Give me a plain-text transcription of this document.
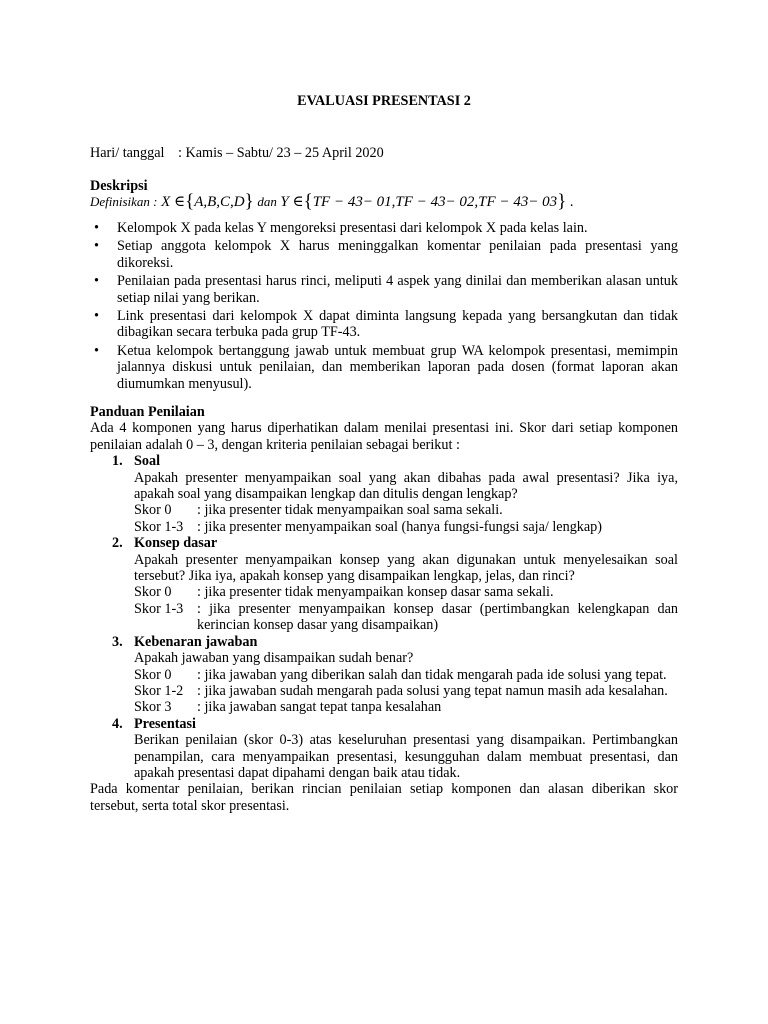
EVALUASI PRESENTASI 2
Hari/ tanggal : Kamis – Sabtu/ 23 – 25 April 2020
Deskripsi
Definisikan : X ∈{A,B,C,D} dan Y ∈{TF − 43− 01,TF − 43− 02,TF − 43− 03} .
• Kelompok X pada kelas Y mengoreksi presentasi dari kelompok X pada kelas lain.
• Setiap anggota kelompok X harus meninggalkan komentar penilaian pada presentasi yang dikoreksi.
• Penilaian pada presentasi harus rinci, meliputi 4 aspek yang dinilai dan memberikan alasan untuk setiap nilai yang berikan.
• Link presentasi dari kelompok X dapat diminta langsung kepada yang bersangkutan dan tidak dibagikan secara terbuka pada grup TF-43.
• Ketua kelompok bertanggung jawab untuk membuat grup WA kelompok presentasi, memimpin jalannya diskusi untuk penilaian, dan memberikan laporan pada dosen (format laporan akan diumumkan menyusul).
Panduan Penilaian
Ada 4 komponen yang harus diperhatikan dalam menilai presentasi ini. Skor dari setiap komponen penilaian adalah 0 – 3, dengan kriteria penilaian sebagai berikut :
1. Soal
Apakah presenter menyampaikan soal yang akan dibahas pada awal presentasi? Jika iya, apakah soal yang disampaikan lengkap dan ditulis dengan lengkap?
Skor 0	: jika presenter tidak menyampaikan soal sama sekali.
Skor 1-3 : jika presenter menyampaikan soal (hanya fungsi-fungsi saja/ lengkap)
2. Konsep dasar
Apakah presenter menyampaikan konsep yang akan digunakan untuk menyelesaikan soal tersebut? Jika iya, apakah konsep yang disampaikan lengkap, jelas, dan rinci?
Skor 0	: jika presenter tidak menyampaikan konsep dasar sama sekali.
Skor 1-3 : jika presenter menyampaikan konsep dasar (pertimbangkan kelengkapan dan kerincian konsep dasar yang disampaikan)
3. Kebenaran jawaban
Apakah jawaban yang disampaikan sudah benar?
Skor 0	: jika jawaban yang diberikan salah dan tidak mengarah pada ide solusi yang tepat.
Skor 1-2 : jika jawaban sudah mengarah pada solusi yang tepat namun masih ada kesalahan.
Skor 3	: jika jawaban sangat tepat tanpa kesalahan
4. Presentasi
Berikan penilaian (skor 0-3) atas keseluruhan presentasi yang disampaikan. Pertimbangkan penampilan, cara menyampaikan presentasi, kesungguhan dalam membuat presentasi, dan apakah presentasi dapat dipahami dengan baik atau tidak.
Pada komentar penilaian, berikan rincian penilaian setiap komponen dan alasan diberikan skor tersebut, serta total skor presentasi.
